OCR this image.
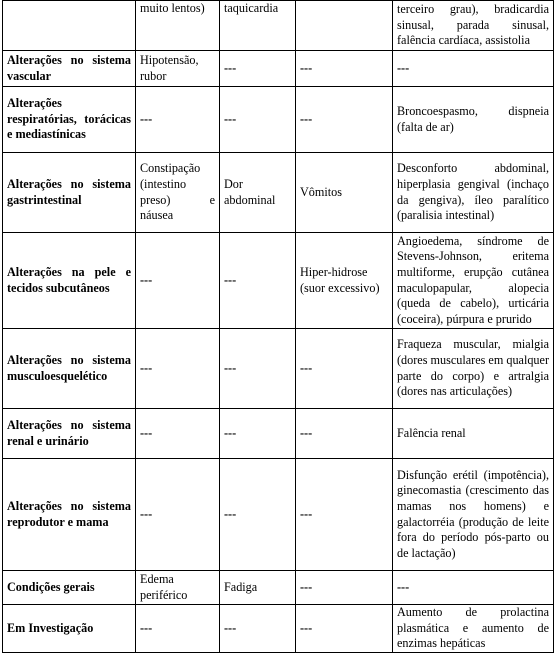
	muito lentos)	taquicardia		terceiro grau), bradicardia sinusal, parada sinusal, falência cardíaca, assistolia
Alterações no sistema vascular	Hipotensão, rubor	---	---	---
Alterações respiratórias, torácicas e mediastínicas	---	---	---	Broncoespasmo, dispneia (falta de ar)
Alterações no sistema gastrintestinal	Constipação (intestino preso) e náusea	Dor abdominal	Vômitos	Desconforto abdominal, hiperplasia gengival (inchaço da gengiva), íleo paralítico (paralisia intestinal)
Alterações na pele e tecidos subcutâneos	---	---	Hiper-hidrose (suor excessivo)	Angioedema, síndrome de Stevens-Johnson, eritema multiforme, erupção cutânea maculopapular, alopecia (queda de cabelo), urticária (coceira), púrpura e prurido
Alterações no sistema musculoesquelético	---	---	---	Fraqueza muscular, mialgia (dores musculares em qualquer parte do corpo) e artralgia (dores nas articulações)
Alterações no sistema renal e urinário	---	---	---	Falência renal
Alterações no sistema reprodutor e mama	---	---	---	Disfunção erétil (impotência), ginecomastia (crescimento das mamas nos homens) e galactorréia (produção de leite fora do período pós-parto ou de lactação)
Condições gerais	Edema periférico	Fadiga	---	---
Em Investigação	---	---	---	Aumento de prolactina plasmática e aumento de enzimas hepáticas
